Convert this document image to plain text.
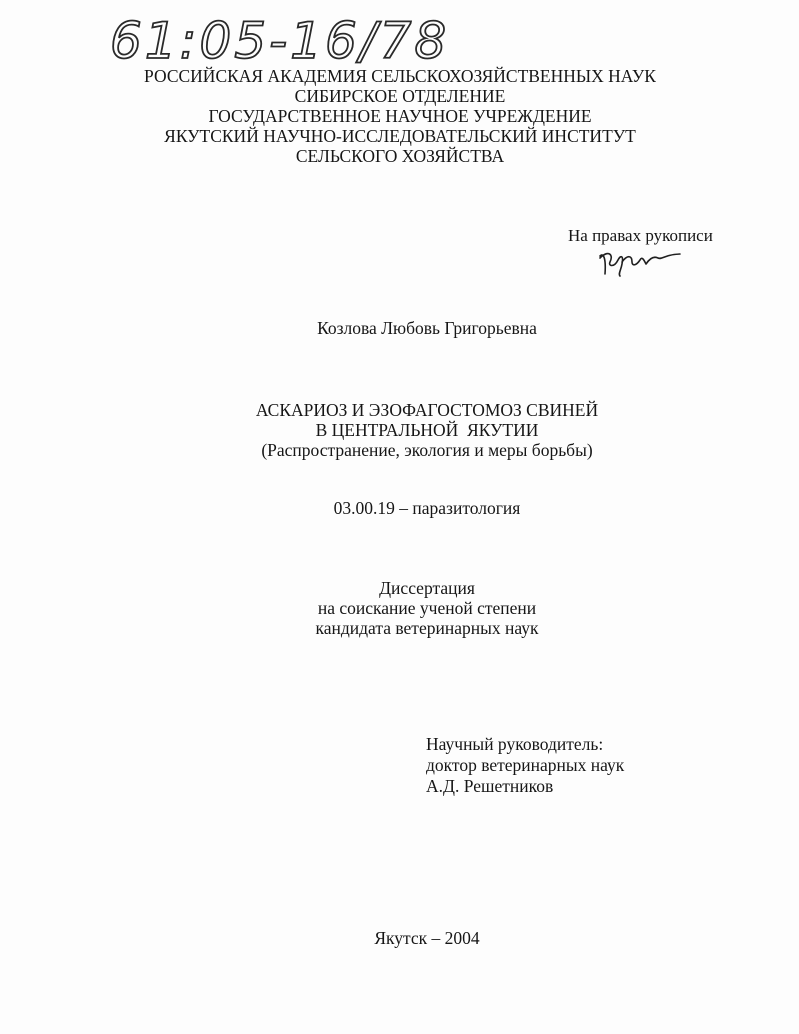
61:05-16/78
РОССИЙСКАЯ АКАДЕМИЯ СЕЛЬСКОХОЗЯЙСТВЕННЫХ НАУК
СИБИРСКОЕ ОТДЕЛЕНИЕ
ГОСУДАРСТВЕННОЕ НАУЧНОЕ УЧРЕЖДЕНИЕ
ЯКУТСКИЙ НАУЧНО-ИССЛЕДОВАТЕЛЬСКИЙ ИНСТИТУТ
СЕЛЬСКОГО ХОЗЯЙСТВА
На правах рукописи
Козлова Любовь Григорьевна
АСКАРИОЗ И ЭЗОФАГОСТОМОЗ СВИНЕЙ
В ЦЕНТРАЛЬНОЙ  ЯКУТИИ
(Распространение, экология и меры борьбы)
03.00.19 – паразитология
Диссертация
на соискание ученой степени
кандидата ветеринарных наук
Научный руководитель:
доктор ветеринарных наук
А.Д. Решетников
Якутск – 2004
